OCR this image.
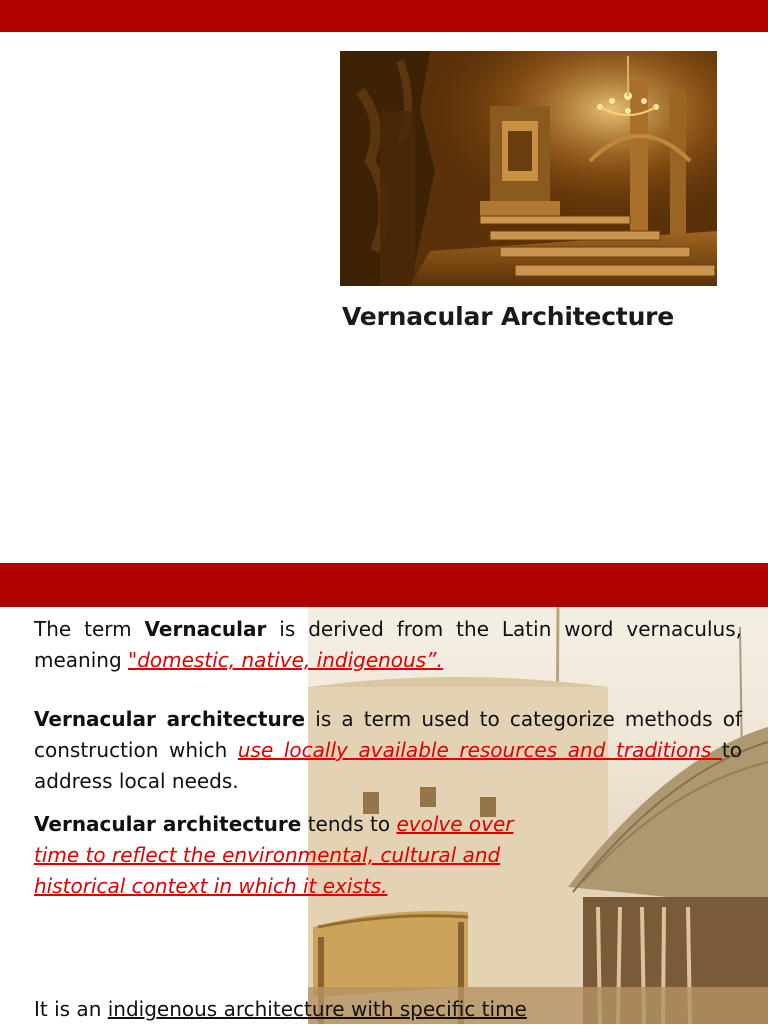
Vernacular Architecture
The term Vernacular is derived from the Latin word vernaculus, meaning "domestic, native, indigenous”.
Vernacular architecture is a term used to categorize methods of construction which use locally available resources and traditions to address local needs.
Vernacular architecture tends to evolve over time to reflect the environmental, cultural and historical context in which it exists.
It is an indigenous architecture with specific time
